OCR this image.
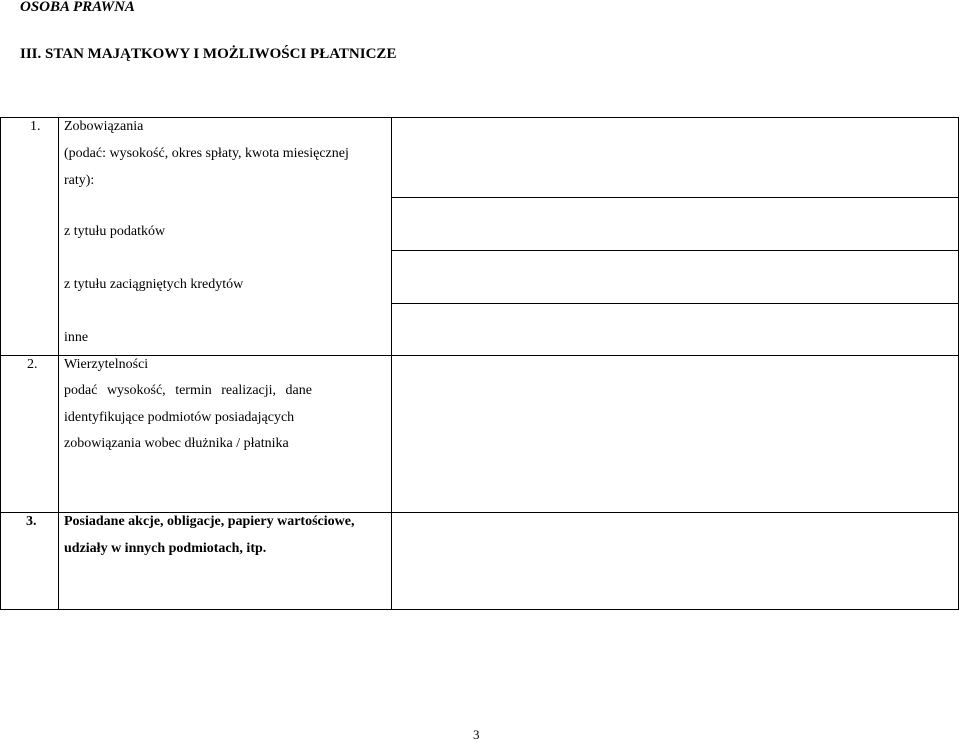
OSOBA PRAWNA
III. STAN MAJĄTKOWY I MOŻLIWOŚCI PŁATNICZE
1. Zobowiązania
(podać: wysokość, okres spłaty, kwota miesięcznej
raty):
z tytułu podatków
z tytułu zaciągniętych kredytów
inne
2. Wierzytelności
podać wysokość, termin realizacji, dane
identyfikujące podmiotów posiadających
zobowiązania wobec dłużnika / płatnika
3. Posiadane akcje, obligacje, papiery wartościowe,
udziały w innych podmiotach, itp.
3
